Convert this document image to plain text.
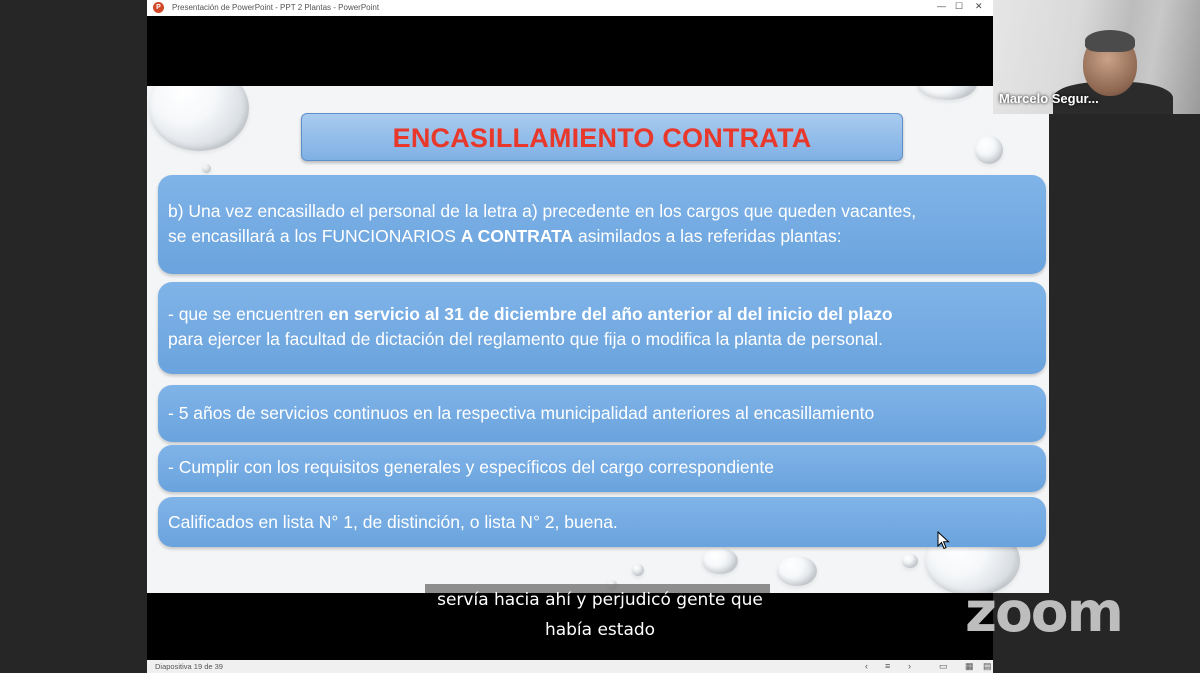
P	Presentación de PowerPoint - PPT 2 Plantas - PowerPoint	— ☐ ✕
ENCASILLAMIENTO CONTRATA
b) Una vez encasillado el personal de la letra a) precedente en los cargos que queden vacantes,
se encasillará a los FUNCIONARIOS A CONTRATA asimilados a las referidas plantas:
- que se encuentren en servicio al 31 de diciembre del año anterior al del inicio del plazo
para ejercer la facultad de dictación del reglamento que fija o modifica la planta de personal.
- 5 años de servicios continuos en la respectiva municipalidad anteriores al encasillamiento
- Cumplir con los requisitos generales y específicos del cargo correspondiente
Calificados en lista N° 1, de distinción, o lista N° 2, buena.
Diapositiva 19 de 39	‹ ≡ ›	▭ ▦ ▤
servía hacia ahí y perjudicó gente que
había estado
Marcelo Segur...
zoom
